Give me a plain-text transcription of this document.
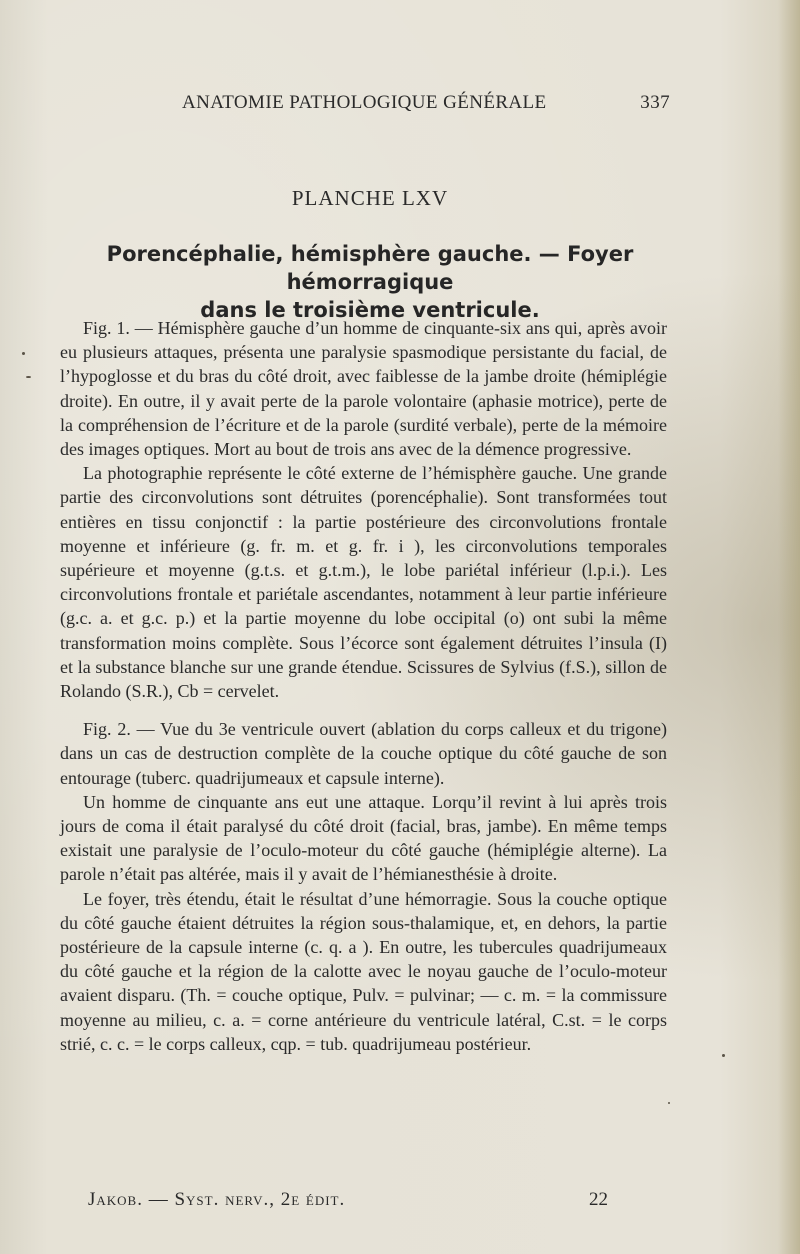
ANATOMIE PATHOLOGIQUE GÉNÉRALE	337
PLANCHE LXV
Porencéphalie, hémisphère gauche. — Foyer hémorragique
dans le troisième ventricule.

Fig. 1. — Hémisphère gauche d’un homme de cinquante-six ans qui, après avoir eu plusieurs attaques, présenta une paralysie spasmodique persistante du facial, de l’hypoglosse et du bras du côté droit, avec faiblesse de la jambe droite (hémiplégie droite). En outre, il y avait perte de la parole volontaire (aphasie motrice), perte de la compréhension de l’écriture et de la parole (surdité verbale), perte de la mémoire des images optiques. Mort au bout de trois ans avec de la démence progressive.

La photographie représente le côté externe de l’hémisphère gauche. Une grande partie des circonvolutions sont détruites (porencéphalie). Sont transformées tout entières en tissu conjonctif : la partie postérieure des circonvolutions frontale moyenne et inférieure (g. fr. m. et g. fr. i ), les circonvolutions temporales supérieure et moyenne (g.t.s. et g.t.m.), le lobe pariétal inférieur (l.p.i.). Les circonvolutions frontale et pariétale ascendantes, notamment à leur partie inférieure (g.c. a. et g.c. p.) et la partie moyenne du lobe occipital (o) ont subi la même transformation moins complète. Sous l’écorce sont également détruites l’insula (I) et la substance blanche sur une grande étendue. Scissures de Sylvius (f.S.), sillon de Rolando (S.R.), Cb = cervelet.

Fig. 2. — Vue du 3e ventricule ouvert (ablation du corps calleux et du trigone) dans un cas de destruction complète de la couche optique du côté gauche de son entourage (tuberc. quadrijumeaux et capsule interne).

Un homme de cinquante ans eut une attaque. Lorqu’il revint à lui après trois jours de coma il était paralysé du côté droit (facial, bras, jambe). En même temps existait une paralysie de l’oculo-moteur du côté gauche (hémiplégie alterne). La parole n’était pas altérée, mais il y avait de l’hémianesthésie à droite.

Le foyer, très étendu, était le résultat d’une hémorragie. Sous la couche optique du côté gauche étaient détruites la région sous-thalamique, et, en dehors, la partie postérieure de la capsule interne (c. q. a ). En outre, les tubercules quadrijumeaux du côté gauche et la région de la calotte avec le noyau gauche de l’oculo-moteur avaient disparu. (Th. = couche optique, Pulv. = pulvinar; — c. m. = la commissure moyenne au milieu, c. a. = corne antérieure du ventricule latéral, C.st. = le corps strié, c. c. = le corps calleux, cqp. = tub. quadrijumeau postérieur.

Jakob. — Syst. nerv., 2e édit.	22
